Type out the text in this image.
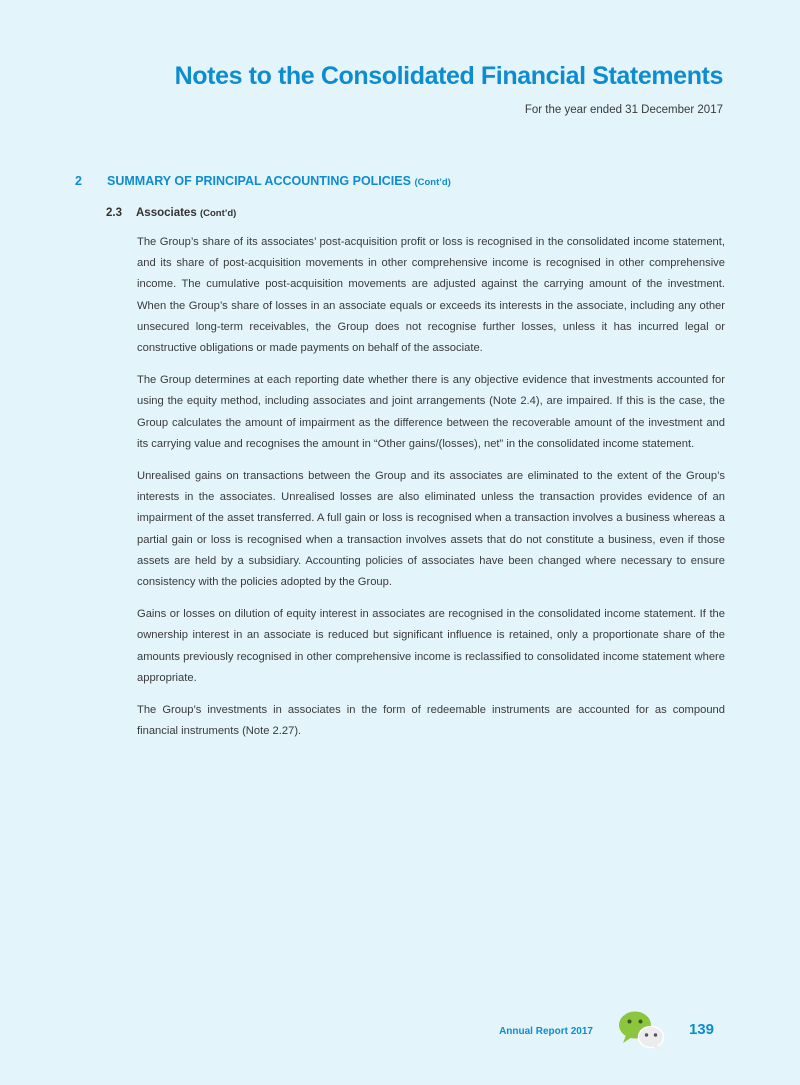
Notes to the Consolidated Financial Statements
For the year ended 31 December 2017
2 SUMMARY OF PRINCIPAL ACCOUNTING POLICIES (Cont’d)
2.3 Associates (Cont’d)

The Group’s share of its associates’ post-acquisition profit or loss is recognised in the consolidated income statement, and its share of post-acquisition movements in other comprehensive income is recognised in other comprehensive income. The cumulative post-acquisition movements are adjusted against the carrying amount of the investment. When the Group’s share of losses in an associate equals or exceeds its interests in the associate, including any other unsecured long-term receivables, the Group does not recognise further losses, unless it has incurred legal or constructive obligations or made payments on behalf of the associate.

The Group determines at each reporting date whether there is any objective evidence that investments accounted for using the equity method, including associates and joint arrangements (Note 2.4), are impaired. If this is the case, the Group calculates the amount of impairment as the difference between the recoverable amount of the investment and its carrying value and recognises the amount in “Other gains/(losses), net” in the consolidated income statement.

Unrealised gains on transactions between the Group and its associates are eliminated to the extent of the Group’s interests in the associates. Unrealised losses are also eliminated unless the transaction provides evidence of an impairment of the asset transferred. A full gain or loss is recognised when a transaction involves a business whereas a partial gain or loss is recognised when a transaction involves assets that do not constitute a business, even if those assets are held by a subsidiary. Accounting policies of associates have been changed where necessary to ensure consistency with the policies adopted by the Group.

Gains or losses on dilution of equity interest in associates are recognised in the consolidated income statement. If the ownership interest in an associate is reduced but significant influence is retained, only a proportionate share of the amounts previously recognised in other comprehensive income is reclassified to consolidated income statement where appropriate.

The Group’s investments in associates in the form of redeemable instruments are accounted for as compound financial instruments (Note 2.27).

Annual Report 2017	139
